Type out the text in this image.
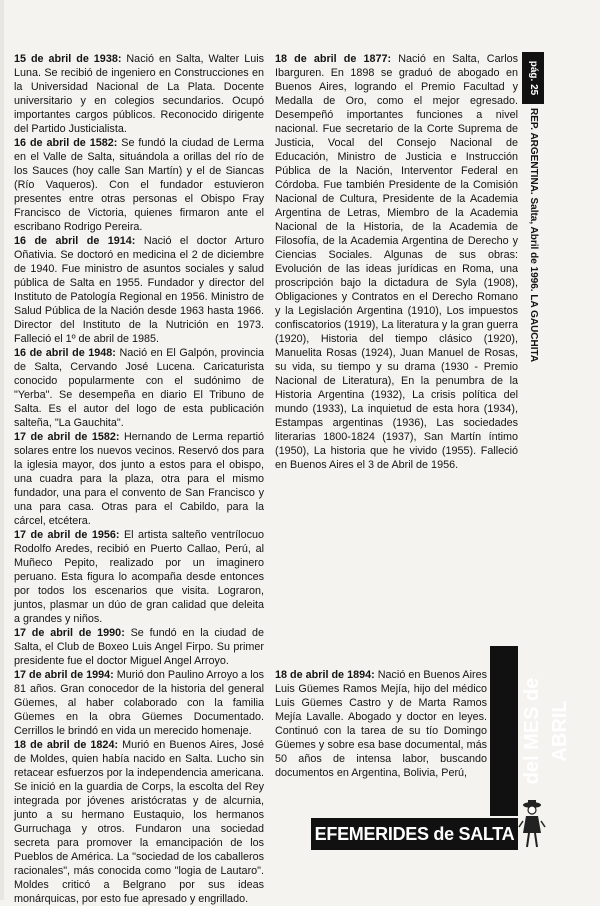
15 de abril de 1938: Nació en Salta, Walter Luis Luna. Se recibió de ingeniero en Construcciones en la Universidad Nacional de La Plata. Docente universitario y en colegios secundarios. Ocupó importantes cargos públicos. Reconocido dirigente del Partido Justicialista.

16 de abril de 1582: Se fundó la ciudad de Lerma en el Valle de Salta, situándola a orillas del río de los Sauces (hoy calle San Martín) y el de Siancas (Río Vaqueros). Con el fundador estuvieron presentes entre otras personas el Obispo Fray Francisco de Victoria, quienes firmaron ante el escribano Rodrigo Pereira.

16 de abril de 1914: Nació el doctor Arturo Oñativia. Se doctoró en medicina el 2 de diciembre de 1940. Fue ministro de asuntos sociales y salud pública de Salta en 1955. Fundador y director del Instituto de Patología Regional en 1956. Ministro de Salud Pública de la Nación desde 1963 hasta 1966. Director del Instituto de la Nutrición en 1973. Falleció el 1º de abril de 1985.

16 de abril de 1948: Nació en El Galpón, provincia de Salta, Cervando José Lucena. Caricaturista conocido popularmente con el sudónimo de "Yerba". Se desempeña en diario El Tribuno de Salta. Es el autor del logo de esta publicación salteña, "La Gauchita".

17 de abril de 1582: Hernando de Lerma repartió solares entre los nuevos vecinos. Reservó dos para la iglesia mayor, dos junto a estos para el obispo, una cuadra para la plaza, otra para el mismo fundador, una para el convento de San Francisco y una para casa. Otras para el Cabildo, para la cárcel, etcétera.

17 de abril de 1956: El artista salteño ventrílocuo Rodolfo Aredes, recibió en Puerto Callao, Perú, al Muñeco Pepito, realizado por un imaginero peruano. Esta figura lo acompaña desde entonces por todos los escenarios que visita. Lograron, juntos, plasmar un dúo de gran calidad que deleita a grandes y niños.

17 de abril de 1990: Se fundó en la ciudad de Salta, el Club de Boxeo Luis Angel Firpo. Su primer presidente fue el doctor Miguel Angel Arroyo.

17 de abril de 1994: Murió don Paulino Arroyo a los 81 años. Gran conocedor de la historia del general Güemes, al haber colaborado con la familia Güemes en la obra Güemes Documentado. Cerrillos le brindó en vida un merecido homenaje.

18 de abril de 1824: Murió en Buenos Aires, José de Moldes, quien había nacido en Salta. Lucho sin retacear esfuerzos por la independencia americana. Se inició en la guardia de Corps, la escolta del Rey integrada por jóvenes aristócratas y de alcurnia, junto a su hermano Eustaquio, los hermanos Gurruchaga y otros. Fundaron una sociedad secreta para promover la emancipación de los Pueblos de América. La "sociedad de los caballeros racionales", más conocida como "logia de Lautaro". Moldes criticó a Belgrano por sus ideas monárquicas, por esto fue apresado y engrillado.

18 de abril de 1877: Nació en Salta, Carlos Ibarguren. En 1898 se graduó de abogado en Buenos Aires, logrando el Premio Facultad y Medalla de Oro, como el mejor egresado. Desempeñó importantes funciones a nivel nacional. Fue secretario de la Corte Suprema de Justicia, Vocal del Consejo Nacional de Educación, Ministro de Justicia e Instrucción Pública de la Nación, Interventor Federal en Córdoba. Fue también Presidente de la Comisión Nacional de Cultura, Presidente de la Academia Argentina de Letras, Miembro de la Academia Nacional de la Historia, de la Academia de Filosofía, de la Academia Argentina de Derecho y Ciencias Sociales. Algunas de sus obras: Evolución de las ideas jurídicas en Roma, una proscripción bajo la dictadura de Syla (1908), Obligaciones y Contratos en el Derecho Romano y la Legislación Argentina (1910), Los impuestos confiscatorios (1919), La literatura y la gran guerra (1920), Historia del tiempo clásico (1920), Manuelita Rosas (1924), Juan Manuel de Rosas, su vida, su tiempo y su drama (1930 - Premio Nacional de Literatura), En la penumbra de la Historia Argentina (1932), La crisis política del mundo (1933), La inquietud de esta hora (1934), Estampas argentinas (1936), Las sociedades literarias 1800-1824 (1937), San Martín íntimo (1950), La historia que he vivido (1955). Falleció en Buenos Aires el 3 de Abril de 1956.

18 de abril de 1894: Nació en Buenos Aires Luis Güemes Ramos Mejía, hijo del médico Luis Güemes Castro y de Marta Ramos Mejía Lavalle. Abogado y doctor en leyes. Continuó con la tarea de su tío Domingo Güemes y sobre esa base documental, más 50 años de intensa labor, buscando documentos en Argentina, Bolivia, Perú,

pág. 25
REP. ARGENTINA. Salta, Abril de 1996. LA GAUCHITA
del MES de ABRIL
EFEMERIDES de SALTA
